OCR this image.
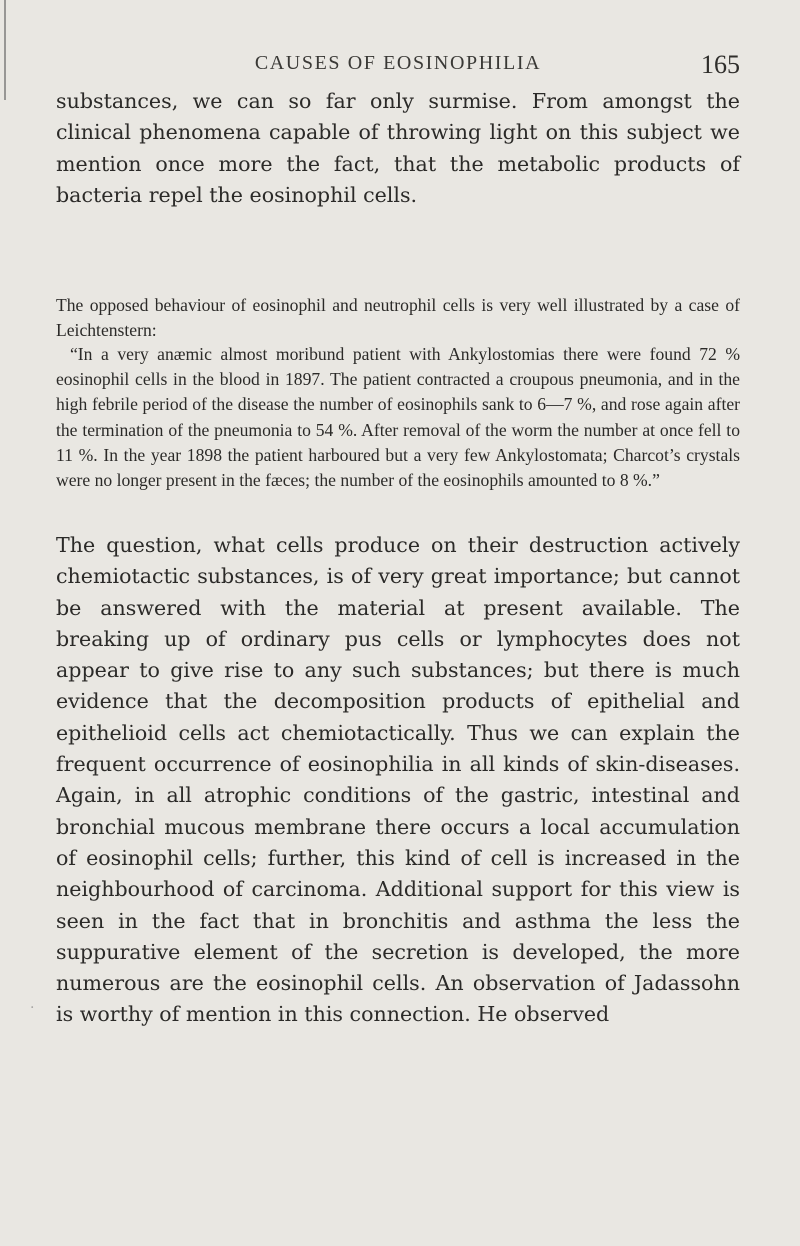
CAUSES OF EOSINOPHILIA	165

substances, we can so far only surmise. From amongst the clinical phenomena capable of throwing light on this subject we mention once more the fact, that the metabolic products of bacteria repel the eosinophil cells.

The opposed behaviour of eosinophil and neutrophil cells is very well illustrated by a case of Leichtenstern:

“In a very anæmic almost moribund patient with Ankylostomias there were found 72 % eosinophil cells in the blood in 1897. The patient contracted a croupous pneumonia, and in the high febrile period of the disease the number of eosinophils sank to 6—7 %, and rose again after the termination of the pneumonia to 54 %. After removal of the worm the number at once fell to 11 %. In the year 1898 the patient harboured but a very few Ankylostomata; Charcot’s crystals were no longer present in the fæces; the number of the eosinophils amounted to 8 %.”

The question, what cells produce on their destruction actively chemiotactic substances, is of very great importance; but cannot be answered with the material at present available. The breaking up of ordinary pus cells or lymphocytes does not appear to give rise to any such substances; but there is much evidence that the decomposition products of epithelial and epithelioid cells act chemiotactically. Thus we can explain the frequent occurrence of eosinophilia in all kinds of skin-diseases. Again, in all atrophic conditions of the gastric, intestinal and bronchial mucous membrane there occurs a local accumulation of eosinophil cells; further, this kind of cell is increased in the neighbourhood of carcinoma. Additional support for this view is seen in the fact that in bronchitis and asthma the less the suppurative element of the secretion is developed, the more numerous are the eosinophil cells. An observation of Jadassohn is worthy of mention in this connection. He observed

·
